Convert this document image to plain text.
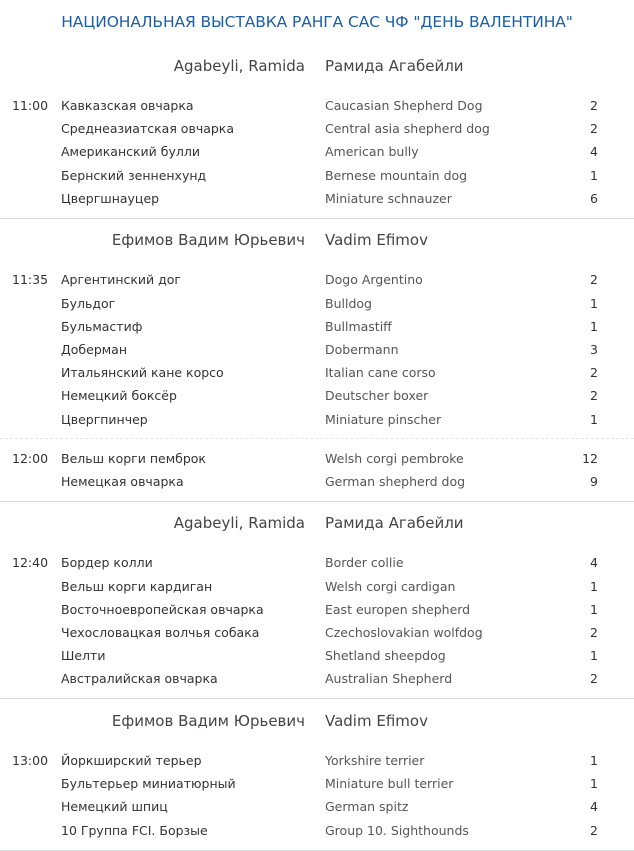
НАЦИОНАЛЬНАЯ ВЫСТАВКА РАНГА САС ЧФ "ДЕНЬ ВАЛЕНТИНА"
Agabeyli, Ramida Рамида Агабейли
11:00 Кавказская овчарка	Caucasian Shepherd Dog	2
Среднеазиатская овчарка	Central asia shepherd dog	2
Американский булли	American bully	4
Бернский зенненхунд	Bernese mountain dog	1
Цвергшнауцер	Miniature schnauzer	6
Ефимов Вадим Юрьевич Vadim Efimov
11:35 Аргентинский дог	Dogo Argentino	2
Бульдог	Bulldog	1
Бульмастиф	Bullmastiff	1
Доберман	Dobermann	3
Итальянский кане корсо	Italian cane corso	2
Немецкий боксёр	Deutscher boxer	2
Цвергпинчер	Miniature pinscher	1
12:00 Вельш корги пемброк	Welsh corgi pembroke	12
Немецкая овчарка	German shepherd dog	9
Agabeyli, Ramida Рамида Агабейли
12:40 Бордер колли	Border collie	4
Вельш корги кардиган	Welsh corgi cardigan	1
Восточноевропейская овчарка	East europen shepherd	1
Чехословацкая волчья собака	Czechoslovakian wolfdog	2
Шелти	Shetland sheepdog	1
Австралийская овчарка	Australian Shepherd	2
Ефимов Вадим Юрьевич Vadim Efimov
13:00 Йоркширский терьер	Yorkshire terrier	1
Бультерьер миниатюрный	Miniature bull terrier	1
Немецкий шпиц	German spitz	4
10 Группа FCI. Борзые	Group 10. Sighthounds	2
